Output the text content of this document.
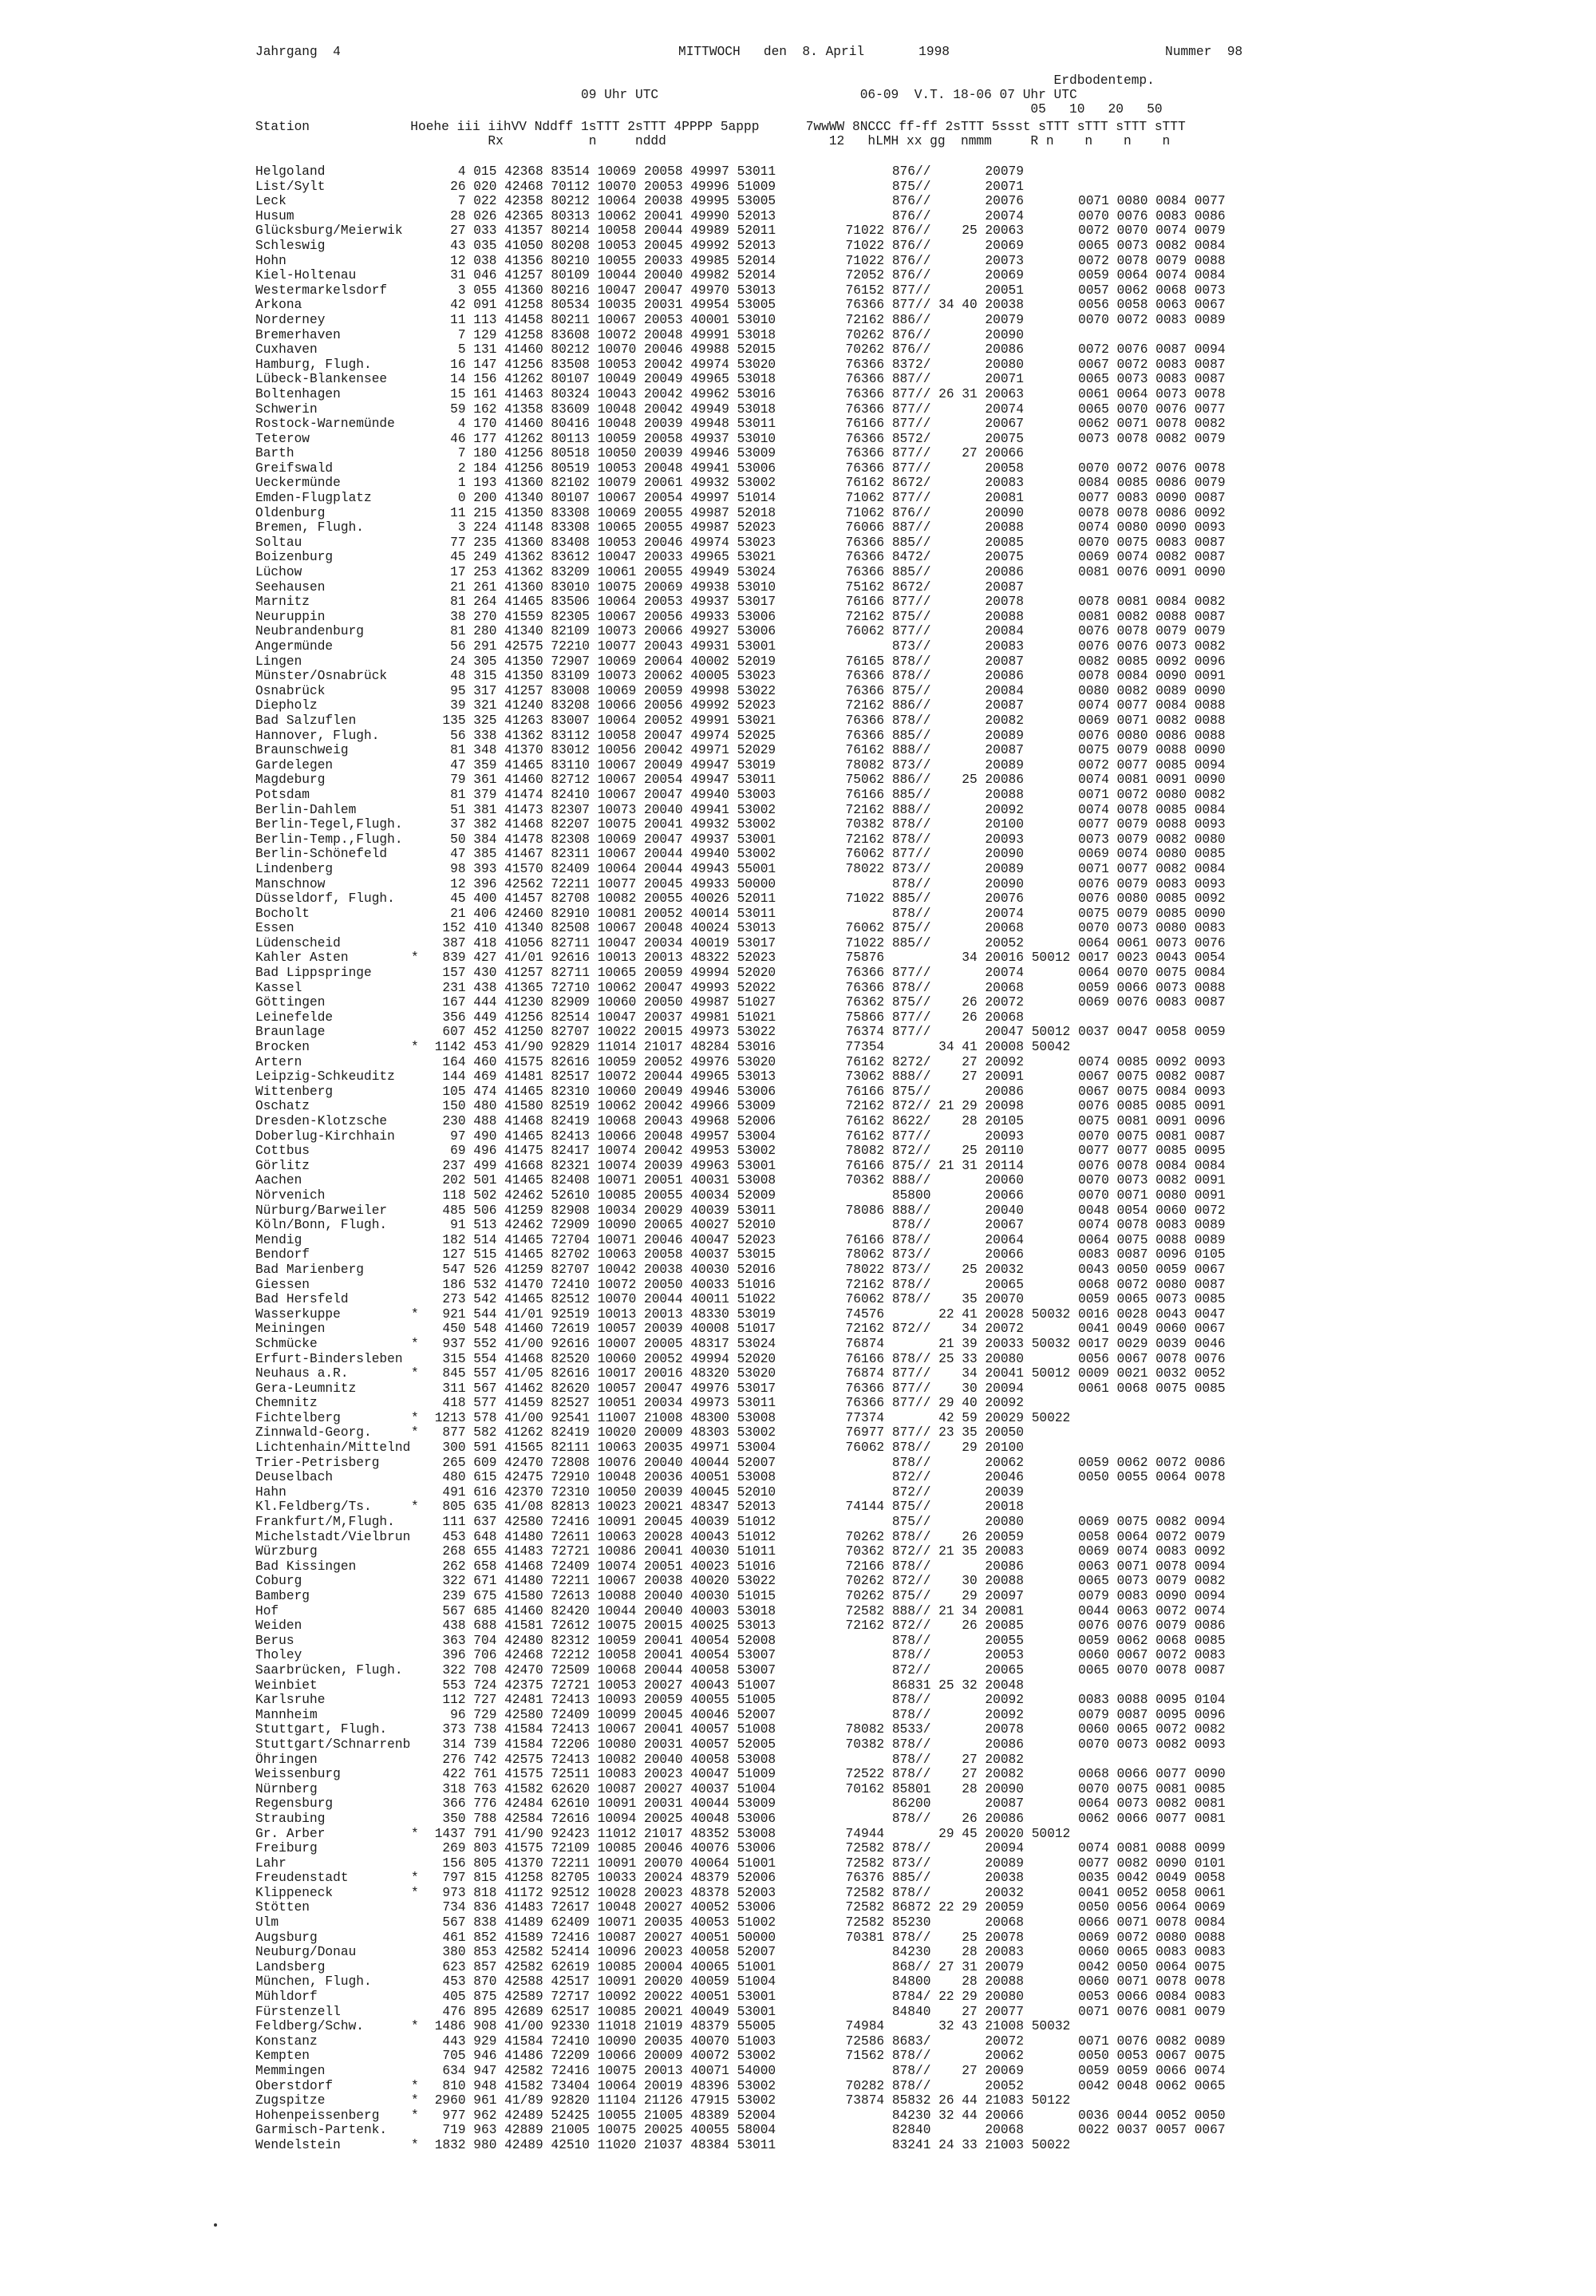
Jahrgang  4	MITTWOCH   den  8. April       1998	Nummer  98
Erdbodentemp.
09 Uhr UTC                          06-09  V.T. 18-06 07 Uhr UTC
05   10   20   50
Station             Hoehe iii iihVV Nddff 1sTTT 2sTTT 4PPPP 5appp      7wwWW 8NCCC ff-ff 2sTTT 5ssst sTTT sTTT sTTT sTTT
Rx           n     nddd                     12   hLMH xx gg  nmmm     R n    n    n    n
Helgoland	4 015 42368 83514 10069 20058 49997 53011               876//       20079
List/Sylt	26 020 42468 70112 10070 20053 49996 51009               875//       20071
Leck	7 022 42358 80212 10064 20038 49995 53005               876//       20076       0071 0080 0084 0077
Husum	28 026 42365 80313 10062 20041 49990 52013               876//       20074       0070 0076 0083 0086
Glücksburg/Meierwik	27 033 41357 80214 10058 20044 49989 52011         71022 876//    25 20063       0072 0070 0074 0079
Schleswig	43 035 41050 80208 10053 20045 49992 52013         71022 876//       20069       0065 0073 0082 0084
Hohn	12 038 41356 80210 10055 20033 49985 52014         71022 876//       20073       0072 0078 0079 0088
Kiel-Holtenau	31 046 41257 80109 10044 20040 49982 52014         72052 876//       20069       0059 0064 0074 0084
Westermarkelsdorf	3 055 41360 80216 10047 20047 49970 53013         76152 877//       20051       0057 0062 0068 0073
Arkona	42 091 41258 80534 10035 20031 49954 53005         76366 877// 34 40 20038       0056 0058 0063 0067
Norderney	11 113 41458 80211 10067 20053 40001 53010         72162 886//       20079       0070 0072 0083 0089
Bremerhaven	7 129 41258 83608 10072 20048 49991 53018         70262 876//       20090
Cuxhaven	5 131 41460 80212 10070 20046 49988 52015         70262 876//       20086       0072 0076 0087 0094
Hamburg, Flugh.	16 147 41256 83508 10053 20042 49974 53020         76366 8372/       20080       0067 0072 0083 0087
Lübeck-Blankensee	14 156 41262 80107 10049 20049 49965 53018         76366 887//       20071       0065 0073 0083 0087
Boltenhagen	15 161 41463 80324 10043 20042 49962 53016         76366 877// 26 31 20063       0061 0064 0073 0078
Schwerin	59 162 41358 83609 10048 20042 49949 53018         76366 877//       20074       0065 0070 0076 0077
Rostock-Warnemünde	4 170 41460 80416 10048 20039 49948 53011         76166 877//       20067       0062 0071 0078 0082
Teterow	46 177 41262 80113 10059 20058 49937 53010         76366 8572/       20075       0073 0078 0082 0079
Barth	7 180 41256 80518 10050 20039 49946 53009         76366 877//    27 20066
Greifswald	2 184 41256 80519 10053 20048 49941 53006         76366 877//       20058       0070 0072 0076 0078
Ueckermünde	1 193 41360 82102 10079 20061 49932 53002         76162 8672/       20083       0084 0085 0086 0079
Emden-Flugplatz	0 200 41340 80107 10067 20054 49997 51014         71062 877//       20081       0077 0083 0090 0087
Oldenburg	11 215 41350 83308 10069 20055 49987 52018         71062 876//       20090       0078 0078 0086 0092
Bremen, Flugh.	3 224 41148 83308 10065 20055 49987 52023         76066 887//       20088       0074 0080 0090 0093
Soltau	77 235 41360 83408 10053 20046 49974 53023         76366 885//       20085       0070 0075 0083 0087
Boizenburg	45 249 41362 83612 10047 20033 49965 53021         76366 8472/       20075       0069 0074 0082 0087
Lüchow	17 253 41362 83209 10061 20055 49949 53024         76366 885//       20086       0081 0076 0091 0090
Seehausen	21 261 41360 83010 10075 20069 49938 53010         75162 8672/       20087
Marnitz	81 264 41465 83506 10064 20053 49937 53017         76166 877//       20078       0078 0081 0084 0082
Neuruppin	38 270 41559 82305 10067 20056 49933 53006         72162 875//       20088       0081 0082 0088 0087
Neubrandenburg	81 280 41340 82109 10073 20066 49927 53006         76062 877//       20084       0076 0078 0079 0079
Angermünde	56 291 42575 72210 10077 20043 49931 53001               873//       20083       0076 0076 0073 0082
Lingen	24 305 41350 72907 10069 20064 40002 52019         76165 878//       20087       0082 0085 0092 0096
Münster/Osnabrück	48 315 41350 83109 10073 20062 40005 53023         76366 878//       20086       0078 0084 0090 0091
Osnabrück	95 317 41257 83008 10069 20059 49998 53022         76366 875//       20084       0080 0082 0089 0090
Diepholz	39 321 41240 83208 10066 20056 49992 52023         72162 886//       20087       0074 0077 0084 0088
Bad Salzuflen	135 325 41263 83007 10064 20052 49991 53021         76366 878//       20082       0069 0071 0082 0088
Hannover, Flugh.	56 338 41362 83112 10058 20047 49974 52025         76366 885//       20089       0076 0080 0086 0088
Braunschweig	81 348 41370 83012 10056 20042 49971 52029         76162 888//       20087       0075 0079 0088 0090
Gardelegen	47 359 41465 83110 10067 20049 49947 53019         78082 873//       20089       0072 0077 0085 0094
Magdeburg	79 361 41460 82712 10067 20054 49947 53011         75062 886//    25 20086       0074 0081 0091 0090
Potsdam	81 379 41474 82410 10067 20047 49940 53003         76166 885//       20088       0071 0072 0080 0082
Berlin-Dahlem	51 381 41473 82307 10073 20040 49941 53002         72162 888//       20092       0074 0078 0085 0084
Berlin-Tegel,Flugh.	37 382 41468 82207 10075 20041 49932 53002         70382 878//       20100       0077 0079 0088 0093
Berlin-Temp.,Flugh.	50 384 41478 82308 10069 20047 49937 53001         72162 878//       20093       0073 0079 0082 0080
Berlin-Schönefeld	47 385 41467 82311 10067 20044 49940 53002         76062 877//       20090       0069 0074 0080 0085
Lindenberg	98 393 41570 82409 10064 20044 49943 55001         78022 873//       20089       0071 0077 0082 0084
Manschnow	12 396 42562 72211 10077 20045 49933 50000               878//       20090       0076 0079 0083 0093
Düsseldorf, Flugh.	45 400 41457 82708 10082 20055 40026 52011         71022 885//       20076       0076 0080 0085 0092
Bocholt	21 406 42460 82910 10081 20052 40014 53011               878//       20074       0075 0079 0085 0090
Essen	152 410 41340 82508 10067 20048 40024 53013         76062 875//       20068       0070 0073 0080 0083
Lüdenscheid	387 418 41056 82711 10047 20034 40019 53017         71022 885//       20052       0064 0061 0073 0076
Kahler Asten	* 839 427 41/01 92616 10013 20013 48322 52023         75876          34 20016 50012 0017 0023 0043 0054
Bad Lippspringe	157 430 41257 82711 10065 20059 49994 52020         76366 877//       20074       0064 0070 0075 0084
Kassel	231 438 41365 72710 10062 20047 49993 52022         76366 878//       20068       0059 0066 0073 0088
Göttingen	167 444 41230 82909 10060 20050 49987 51027         76362 875//    26 20072       0069 0076 0083 0087
Leinefelde	356 449 41256 82514 10047 20037 49981 51021         75866 877//    26 20068
Braunlage	607 452 41250 82707 10022 20015 49973 53022         76374 877//       20047 50012 0037 0047 0058 0059
Brocken	* 1142 453 41/90 92829 11014 21017 48284 53016         77354       34 41 20008 50042
Artern	164 460 41575 82616 10059 20052 49976 53020         76162 8272/    27 20092       0074 0085 0092 0093
Leipzig-Schkeuditz	144 469 41481 82517 10072 20044 49965 53013         73062 888//    27 20091       0067 0075 0082 0087
Wittenberg	105 474 41465 82310 10060 20049 49946 53006         76166 875//       20086       0067 0075 0084 0093
Oschatz	150 480 41580 82519 10062 20042 49966 53009         72162 872// 21 29 20098       0076 0085 0085 0091
Dresden-Klotzsche	230 488 41468 82419 10068 20043 49968 52006         76162 8622/    28 20105       0075 0081 0091 0096
Doberlug-Kirchhain	97 490 41465 82413 10066 20048 49957 53004         76162 877//       20093       0070 0075 0081 0087
Cottbus	69 496 41475 82417 10074 20042 49953 53002         78082 872//    25 20110       0077 0077 0085 0095
Görlitz	237 499 41668 82321 10074 20039 49963 53001         76166 875// 21 31 20114       0076 0078 0084 0084
Aachen	202 501 41465 82408 10071 20051 40031 53008         70362 888//       20060       0070 0073 0082 0091
Nörvenich	118 502 42462 52610 10085 20055 40034 52009               85800       20066       0070 0071 0080 0091
Nürburg/Barweiler	485 506 41259 82908 10034 20029 40039 53011         78086 888//       20040       0048 0054 0060 0072
Köln/Bonn, Flugh.	91 513 42462 72909 10090 20065 40027 52010               878//       20067       0074 0078 0083 0089
Mendig	182 514 41465 72704 10071 20046 40047 52023         76166 878//       20064       0064 0075 0088 0089
Bendorf	127 515 41465 82702 10063 20058 40037 53015         78062 873//       20066       0083 0087 0096 0105
Bad Marienberg	547 526 41259 82707 10042 20038 40030 52016         78022 873//    25 20032       0043 0050 0059 0067
Giessen	186 532 41470 72410 10072 20050 40033 51016         72162 878//       20065       0068 0072 0080 0087
Bad Hersfeld	273 542 41465 82512 10070 20044 40011 51022         76062 878//    35 20070       0059 0065 0073 0085
Wasserkuppe	* 921 544 41/01 92519 10013 20013 48330 53019         74576       22 41 20028 50032 0016 0028 0043 0047
Meiningen	450 548 41460 72619 10057 20039 40008 51017         72162 872//    34 20072       0041 0049 0060 0067
Schmücke	* 937 552 41/00 92616 10007 20005 48317 53024         76874       21 39 20033 50032 0017 0029 0039 0046
Erfurt-Bindersleben	315 554 41468 82520 10060 20052 49994 52020         76166 878// 25 33 20080       0056 0067 0078 0076
Neuhaus a.R.	* 845 557 41/05 82616 10017 20016 48320 53020         76874 877//    34 20041 50012 0009 0021 0032 0052
Gera-Leumnitz	311 567 41462 82620 10057 20047 49976 53017         76366 877//    30 20094       0061 0068 0075 0085
Chemnitz	418 577 41459 82527 10051 20034 49973 53011         76366 877// 29 40 20092
Fichtelberg	* 1213 578 41/00 92541 11007 21008 48300 53008         77374       42 59 20029 50022
Zinnwald-Georg.	* 877 582 41262 82419 10020 20009 48303 53002         76977 877// 23 35 20050
Lichtenhain/Mittelnd	300 591 41565 82111 10063 20035 49971 53004         76062 878//    29 20100
Trier-Petrisberg	265 609 42470 72808 10076 20040 40044 52007               878//       20062       0059 0062 0072 0086
Deuselbach	480 615 42475 72910 10048 20036 40051 53008               872//       20046       0050 0055 0064 0078
Hahn	491 616 42370 72310 10050 20039 40045 52010               872//       20039
Kl.Feldberg/Ts.	* 805 635 41/08 82813 10023 20021 48347 52013         74144 875//       20018
Frankfurt/M,Flugh.	111 637 42580 72416 10091 20045 40039 51012               875//       20080       0069 0075 0082 0094
Michelstadt/Vielbrun	453 648 41480 72611 10063 20028 40043 51012         70262 878//    26 20059       0058 0064 0072 0079
Würzburg	268 655 41483 72721 10086 20041 40030 51011         70362 872// 21 35 20083       0069 0074 0083 0092
Bad Kissingen	262 658 41468 72409 10074 20051 40023 51016         72166 878//       20086       0063 0071 0078 0094
Coburg	322 671 41480 72211 10067 20038 40020 53022         70262 872//    30 20088       0065 0073 0079 0082
Bamberg	239 675 41580 72613 10088 20040 40030 51015         70262 875//    29 20097       0079 0083 0090 0094
Hof	567 685 41460 82420 10044 20040 40003 53018         72582 888// 21 34 20081       0044 0063 0072 0074
Weiden	438 688 41581 72612 10075 20015 40025 53013         72162 872//    26 20085       0076 0076 0079 0086
Berus	363 704 42480 82312 10059 20041 40054 52008               878//       20055       0059 0062 0068 0085
Tholey	396 706 42468 72212 10058 20041 40054 53007               878//       20053       0060 0067 0072 0083
Saarbrücken, Flugh.	322 708 42470 72509 10068 20044 40058 53007               872//       20065       0065 0070 0078 0087
Weinbiet	553 724 42375 72721 10053 20027 40043 51007               86831 25 32 20048
Karlsruhe	112 727 42481 72413 10093 20059 40055 51005               878//       20092       0083 0088 0095 0104
Mannheim	96 729 42580 72409 10099 20045 40046 52007               878//       20092       0079 0087 0095 0096
Stuttgart, Flugh.	373 738 41584 72413 10067 20041 40057 51008         78082 8533/       20078       0060 0065 0072 0082
Stuttgart/Schnarrenb	314 739 41584 72206 10080 20031 40057 52005         70382 878//       20086       0070 0073 0082 0093
Öhringen	276 742 42575 72413 10082 20040 40058 53008               878//    27 20082
Weissenburg	422 761 41575 72511 10083 20023 40047 51009         72522 878//    27 20082       0068 0066 0077 0090
Nürnberg	318 763 41582 62620 10087 20027 40037 51004         70162 85801    28 20090       0070 0075 0081 0085
Regensburg	366 776 42484 62610 10091 20031 40044 53009               86200       20087       0064 0073 0082 0081
Straubing	350 788 42584 72616 10094 20025 40048 53006               878//    26 20086       0062 0066 0077 0081
Gr. Arber	* 1437 791 41/90 92423 11012 21017 48352 53008         74944       29 45 20020 50012
Freiburg	269 803 41575 72109 10085 20046 40076 53006         72582 878//       20094       0074 0081 0088 0099
Lahr	156 805 41370 72211 10091 20070 40064 51001         72582 873//       20089       0077 0082 0090 0101
Freudenstadt	* 797 815 41258 82705 10033 20024 48379 52006         76376 885//       20038       0035 0042 0049 0058
Klippeneck	* 973 818 41172 92512 10028 20023 48378 52003         72582 878//       20032       0041 0052 0058 0061
Stötten	734 836 41483 72617 10048 20027 40052 53006         72582 86872 22 29 20059       0050 0056 0064 0069
Ulm	567 838 41489 62409 10071 20035 40053 51002         72582 85230       20068       0066 0071 0078 0084
Augsburg	461 852 41589 72416 10087 20027 40051 50000         70381 878//    25 20078       0069 0072 0080 0088
Neuburg/Donau	380 853 42582 52414 10096 20023 40058 52007               84230    28 20083       0060 0065 0083 0083
Landsberg	623 857 42582 62619 10085 20004 40065 51001               868// 27 31 20079       0042 0050 0064 0075
München, Flugh.	453 870 42588 42517 10091 20020 40059 51004               84800    28 20088       0060 0071 0078 0078
Mühldorf	405 875 42589 72717 10092 20022 40051 53001               8784/ 22 29 20080       0053 0066 0084 0083
Fürstenzell	476 895 42689 62517 10085 20021 40049 53001               84840    27 20077       0071 0076 0081 0079
Feldberg/Schw.	* 1486 908 41/00 92330 11018 21019 48379 55005         74984       32 43 21008 50032
Konstanz	443 929 41584 72410 10090 20035 40070 51003         72586 8683/       20072       0071 0076 0082 0089
Kempten	705 946 41486 72209 10066 20009 40072 53002         71562 878//       20062       0050 0053 0067 0075
Memmingen	634 947 42582 72416 10075 20013 40071 54000               878//    27 20069       0059 0059 0066 0074
Oberstdorf	* 810 948 41582 73404 10064 20019 48396 53002         70282 878//       20052       0042 0048 0062 0065
Zugspitze	* 2960 961 41/89 92820 11104 21126 47915 53002         73874 85832 26 44 21083 50122
Hohenpeissenberg	* 977 962 42489 52425 10055 21005 48389 52004               84230 32 44 20066       0036 0044 0052 0050
Garmisch-Partenk.	719 963 42889 21005 10075 20025 40055 58004               82840       20068       0022 0037 0057 0067
Wendelstein	* 1832 980 42489 42510 11020 21037 48384 53011               83241 24 33 21003 50022
